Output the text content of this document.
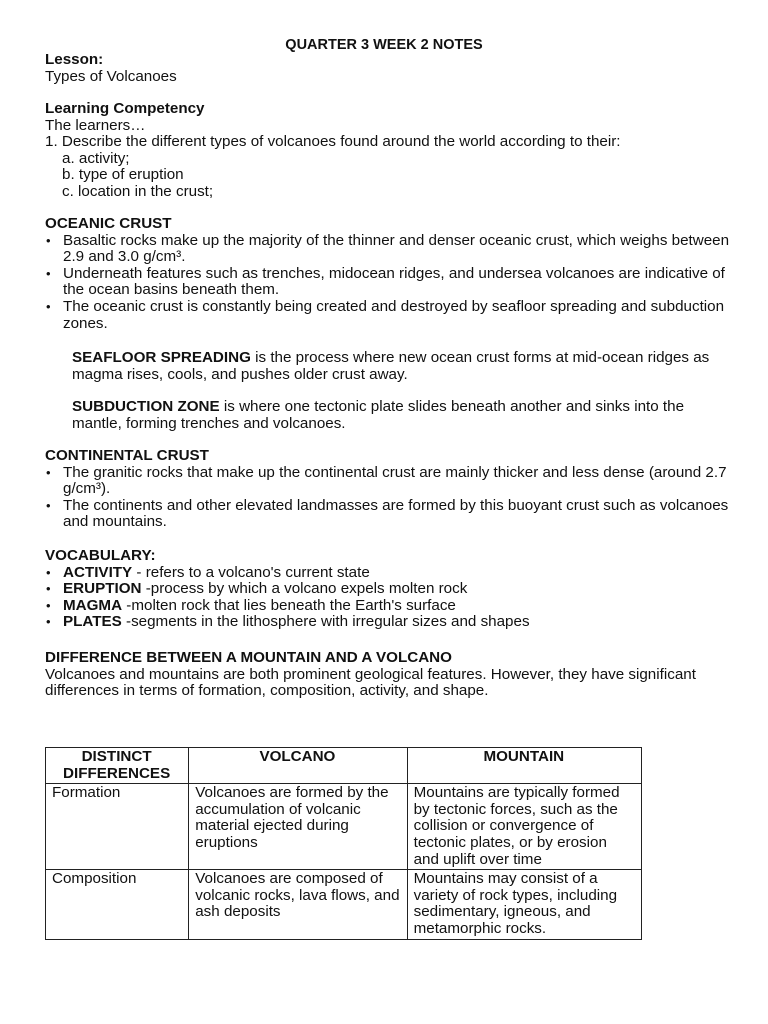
QUARTER 3 WEEK 2 NOTES
Lesson:
Types of Volcanoes
Learning Competency
The learners…
1. Describe the different types of volcanoes found around the world according to their:
a. activity;
b. type of eruption
c. location in the crust;
OCEANIC CRUST
• Basaltic rocks make up the majority of the thinner and denser oceanic crust, which weighs between 2.9 and 3.0 g/cm³.
• Underneath features such as trenches, midocean ridges, and undersea volcanoes are indicative of the ocean basins beneath them.
• The oceanic crust is constantly being created and destroyed by seafloor spreading and subduction zones.
SEAFLOOR SPREADING is the process where new ocean crust forms at mid-ocean ridges as magma rises, cools, and pushes older crust away.
SUBDUCTION ZONE is where one tectonic plate slides beneath another and sinks into the mantle, forming trenches and volcanoes.
CONTINENTAL CRUST
• The granitic rocks that make up the continental crust are mainly thicker and less dense (around 2.7 g/cm³).
• The continents and other elevated landmasses are formed by this buoyant crust such as volcanoes and mountains.
VOCABULARY:
• ACTIVITY - refers to a volcano's current state
• ERUPTION -process by which a volcano expels molten rock
• MAGMA -molten rock that lies beneath the Earth's surface
• PLATES -segments in the lithosphere with irregular sizes and shapes
DIFFERENCE BETWEEN A MOUNTAIN AND A VOLCANO
Volcanoes and mountains are both prominent geological features. However, they have significant differences in terms of formation, composition, activity, and shape.
DISTINCT DIFFERENCES	VOLCANO	MOUNTAIN
Formation	Volcanoes are formed by the accumulation of volcanic material ejected during eruptions	Mountains are typically formed by tectonic forces, such as the collision or convergence of tectonic plates, or by erosion and uplift over time
Composition	Volcanoes are composed of volcanic rocks, lava flows, and ash deposits	Mountains may consist of a variety of rock types, including sedimentary, igneous, and metamorphic rocks.
